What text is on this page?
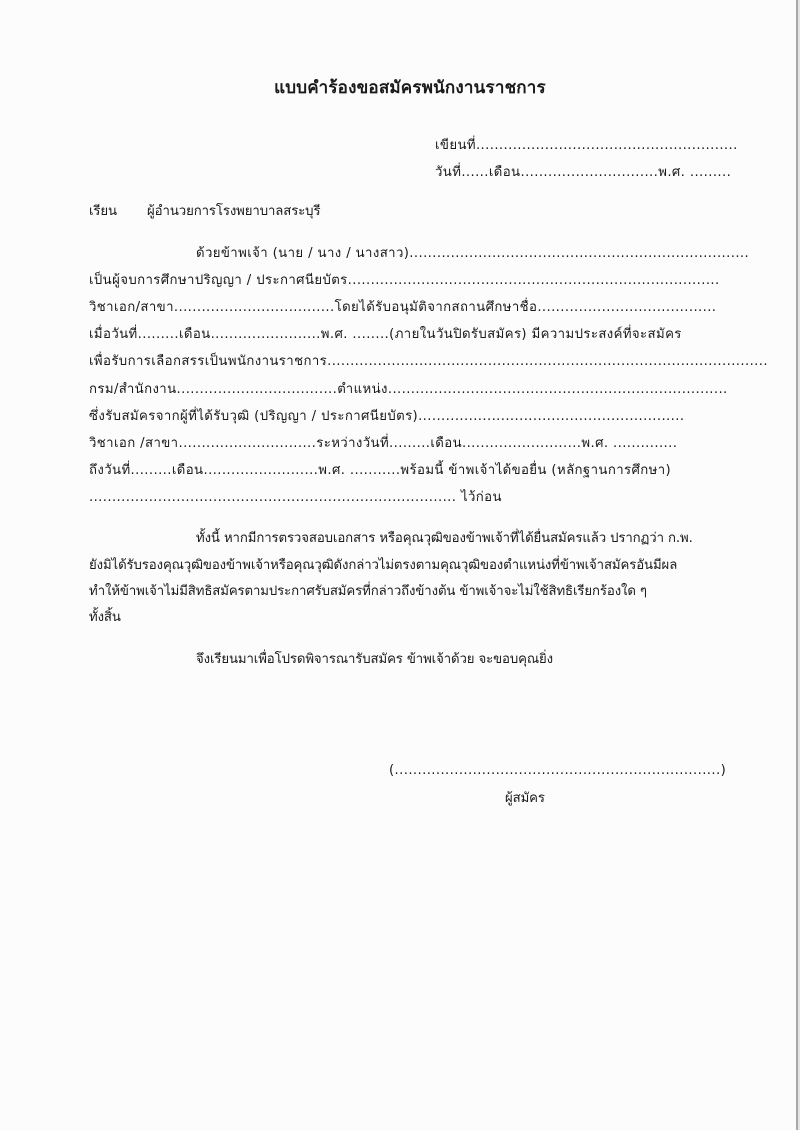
แบบคำร้องขอสมัครพนักงานราชการ
เขียนที่.........................................................
วันที่......เดือน..............................พ.ศ. .........
เรียน ผู้อำนวยการโรงพยาบาลสระบุรี
ด้วยข้าพเจ้า (นาย / นาง / นางสาว)..........................................................................
เป็นผู้จบการศึกษาปริญญา / ประกาศนียบัตร.................................................................................
วิชาเอก/สาขา...................................โดยได้รับอนุมัติจากสถานศึกษาชื่อ.......................................
เมื่อวันที่.........เดือน........................พ.ศ. ........(ภายในวันปิดรับสมัคร) มีความประสงค์ที่จะสมัคร
เพื่อรับการเลือกสรรเป็นพนักงานราชการ................................................................................................
กรม/สำนักงาน...................................ตำแหน่ง..........................................................................
ซึ่งรับสมัครจากผู้ที่ได้รับวุฒิ (ปริญญา / ประกาศนียบัตร)..........................................................
วิชาเอก /สาขา..............................ระหว่างวันที่.........เดือน..........................พ.ศ. ..............
ถึงวันที่.........เดือน.........................พ.ศ. ...........พร้อมนี้ ข้าพเจ้าได้ขอยื่น (หลักฐานการศึกษา)
................................................................................ ไว้ก่อน
ทั้งนี้ หากมีการตรวจสอบเอกสาร หรือคุณวุฒิของข้าพเจ้าที่ได้ยื่นสมัครแล้ว ปรากฏว่า ก.พ.
ยังมิได้รับรองคุณวุฒิของข้าพเจ้าหรือคุณวุฒิดังกล่าวไม่ตรงตามคุณวุฒิของตำแหน่งที่ข้าพเจ้าสมัครอันมีผล
ทำให้ข้าพเจ้าไม่มีสิทธิสมัครตามประกาศรับสมัครที่กล่าวถึงข้างต้น ข้าพเจ้าจะไม่ใช้สิทธิเรียกร้องใด ๆ
ทั้งสิ้น
จึงเรียนมาเพื่อโปรดพิจารณารับสมัคร ข้าพเจ้าด้วย จะขอบคุณยิ่ง
(.......................................................................)
ผู้สมัคร
